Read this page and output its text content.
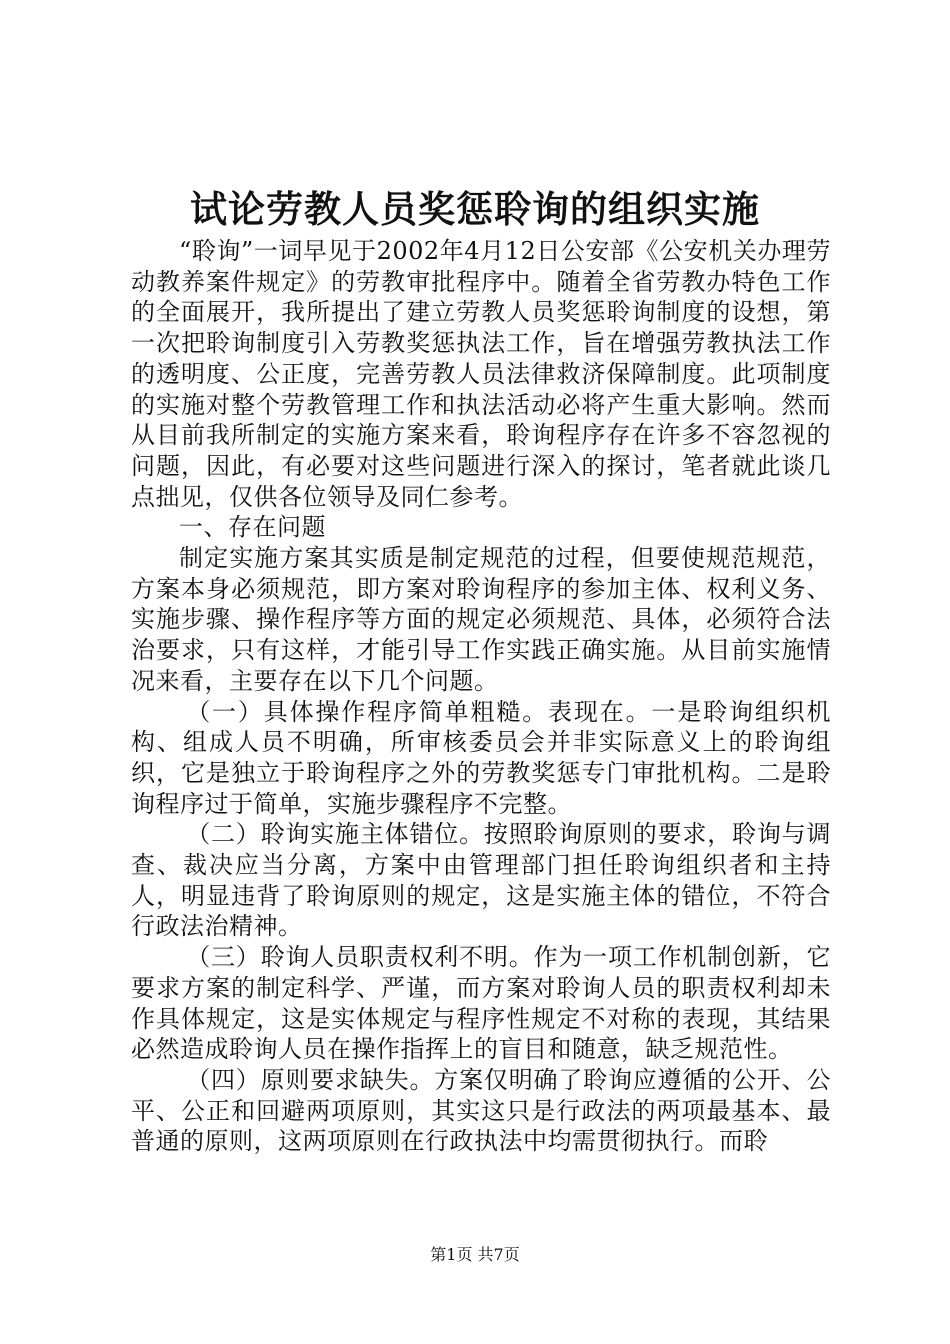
试论劳教人员奖惩聆询的组织实施

“聆询”一词早见于2002年4月12日公安部《公安机关办理劳动教养案件规定》的劳教审批程序中。随着全省劳教办特色工作的全面展开，我所提出了建立劳教人员奖惩聆询制度的设想，第一次把聆询制度引入劳教奖惩执法工作，旨在增强劳教执法工作的透明度、公正度，完善劳教人员法律救济保障制度。此项制度的实施对整个劳教管理工作和执法活动必将产生重大影响。然而从目前我所制定的实施方案来看，聆询程序存在许多不容忽视的问题，因此，有必要对这些问题进行深入的探讨，笔者就此谈几点拙见，仅供各位领导及同仁参考。

一、存在问题

制定实施方案其实质是制定规范的过程，但要使规范规范，方案本身必须规范，即方案对聆询程序的参加主体、权利义务、实施步骤、操作程序等方面的规定必须规范、具体，必须符合法治要求，只有这样，才能引导工作实践正确实施。从目前实施情况来看，主要存在以下几个问题。

（一）具体操作程序简单粗糙。表现在。一是聆询组织机构、组成人员不明确，所审核委员会并非实际意义上的聆询组织，它是独立于聆询程序之外的劳教奖惩专门审批机构。二是聆询程序过于简单，实施步骤程序不完整。

（二）聆询实施主体错位。按照聆询原则的要求，聆询与调查、裁决应当分离，方案中由管理部门担任聆询组织者和主持人，明显违背了聆询原则的规定，这是实施主体的错位，不符合行政法治精神。

（三）聆询人员职责权利不明。作为一项工作机制创新，它要求方案的制定科学、严谨，而方案对聆询人员的职责权利却未作具体规定，这是实体规定与程序性规定不对称的表现，其结果必然造成聆询人员在操作指挥上的盲目和随意，缺乏规范性。

（四）原则要求缺失。方案仅明确了聆询应遵循的公开、公平、公正和回避两项原则，其实这只是行政法的两项最基本、最普通的原则，这两项原则在行政执法中均需贯彻执行。而聆

第1页 共7页
